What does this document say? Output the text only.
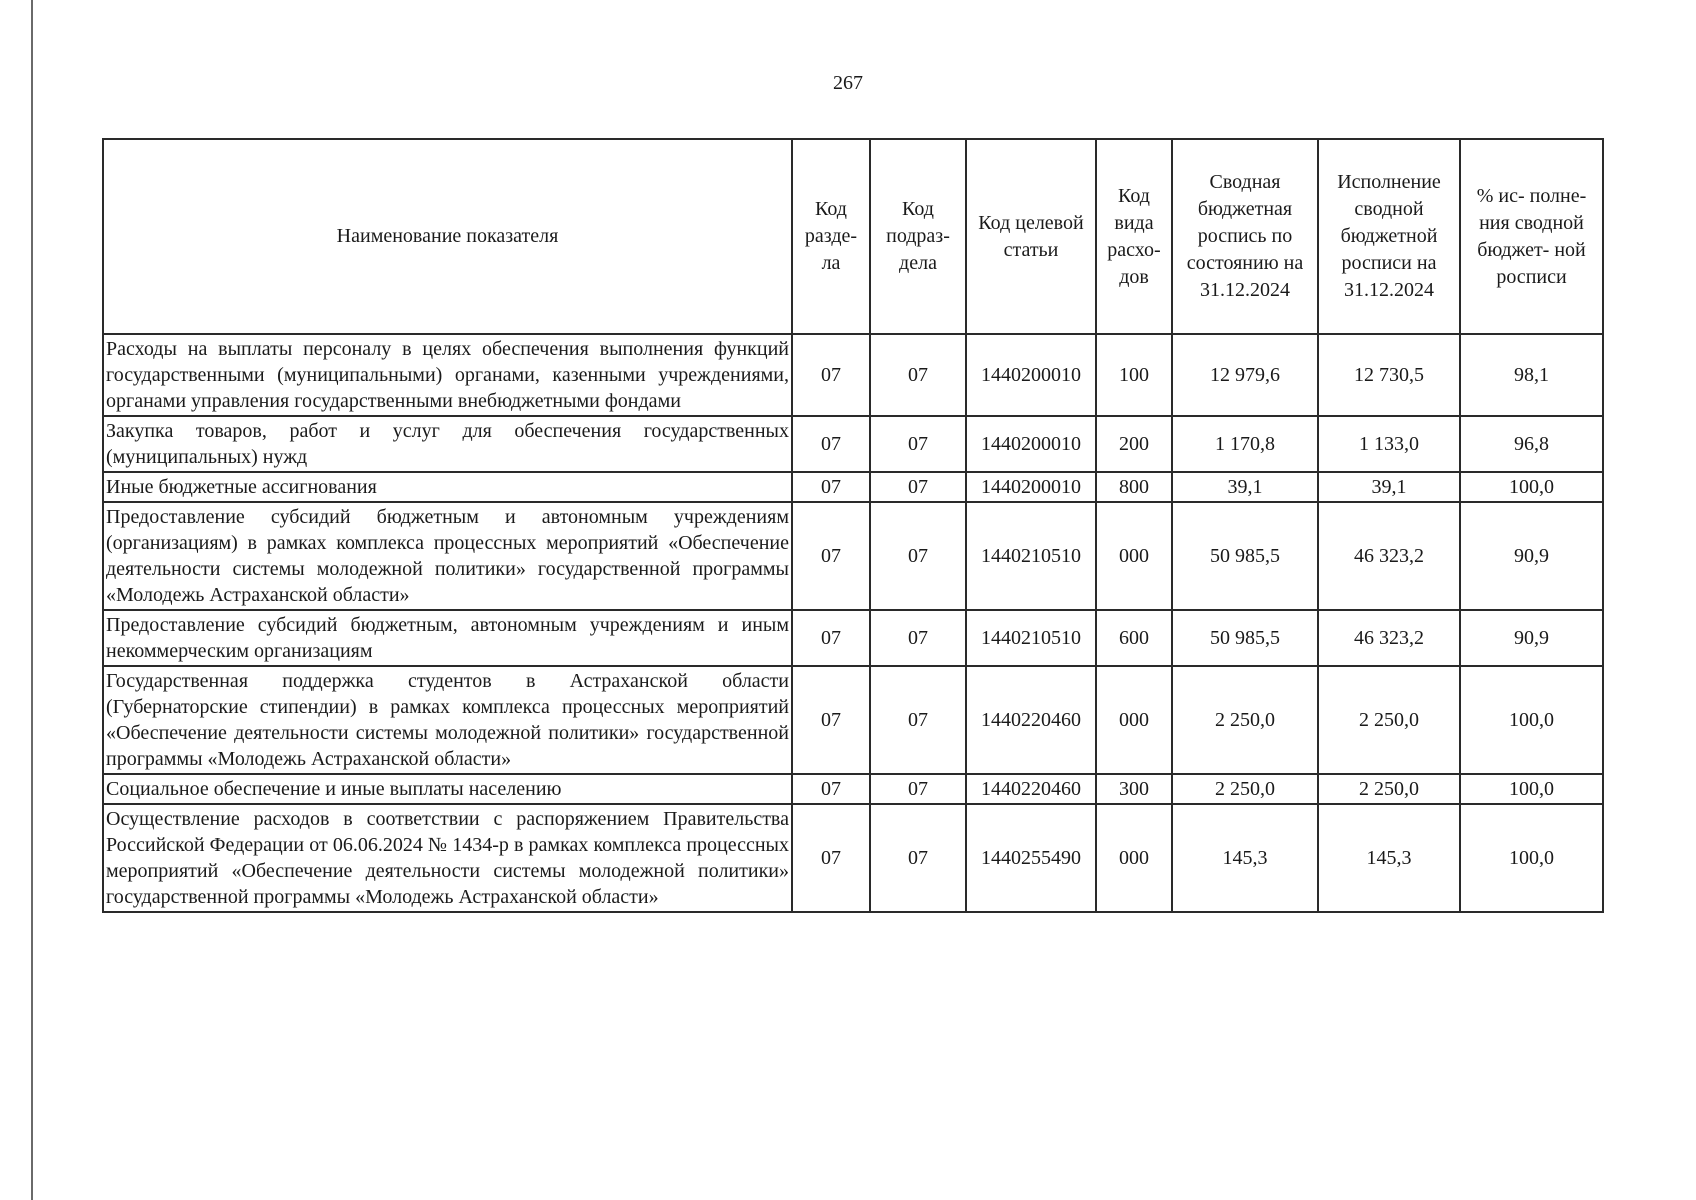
267
Наименование показателя	Код разде- ла	Код подраз- дела	Код целевой статьи	Код вида расхо- дов	Сводная бюджетная роспись по состоянию на 31.12.2024	Исполнение сводной бюджетной росписи на 31.12.2024	% ис- полне- ния сводной бюджет- ной росписи
Расходы на выплаты персоналу в целях обеспечения выполнения функций государственными (муниципальными) органами, казенными учреждениями, органами управления государственными внебюджетными фондами	07	07	1440200010	100	12 979,6	12 730,5	98,1
Закупка товаров, работ и услуг для обеспечения государственных (муниципальных) нужд	07	07	1440200010	200	1 170,8	1 133,0	96,8
Иные бюджетные ассигнования	07	07	1440200010	800	39,1	39,1	100,0
Предоставление субсидий бюджетным и автономным учреждениям (организациям) в рамках комплекса процессных мероприятий «Обеспечение деятельности системы молодежной политики» государственной программы «Молодежь Астраханской области»	07	07	1440210510	000	50 985,5	46 323,2	90,9
Предоставление субсидий бюджетным, автономным учреждениям и иным некоммерческим организациям	07	07	1440210510	600	50 985,5	46 323,2	90,9
Государственная поддержка студентов в Астраханской области (Губернаторские стипендии) в рамках комплекса процессных мероприятий «Обеспечение деятельности системы молодежной политики» государственной программы «Молодежь Астраханской области»	07	07	1440220460	000	2 250,0	2 250,0	100,0
Социальное обеспечение и иные выплаты населению	07	07	1440220460	300	2 250,0	2 250,0	100,0
Осуществление расходов в соответствии с распоряжением Правительства Российской Федерации от 06.06.2024 № 1434-р в рамках комплекса процессных мероприятий «Обеспечение деятельности системы молодежной политики» государственной программы «Молодежь Астраханской области»	07	07	1440255490	000	145,3	145,3	100,0
